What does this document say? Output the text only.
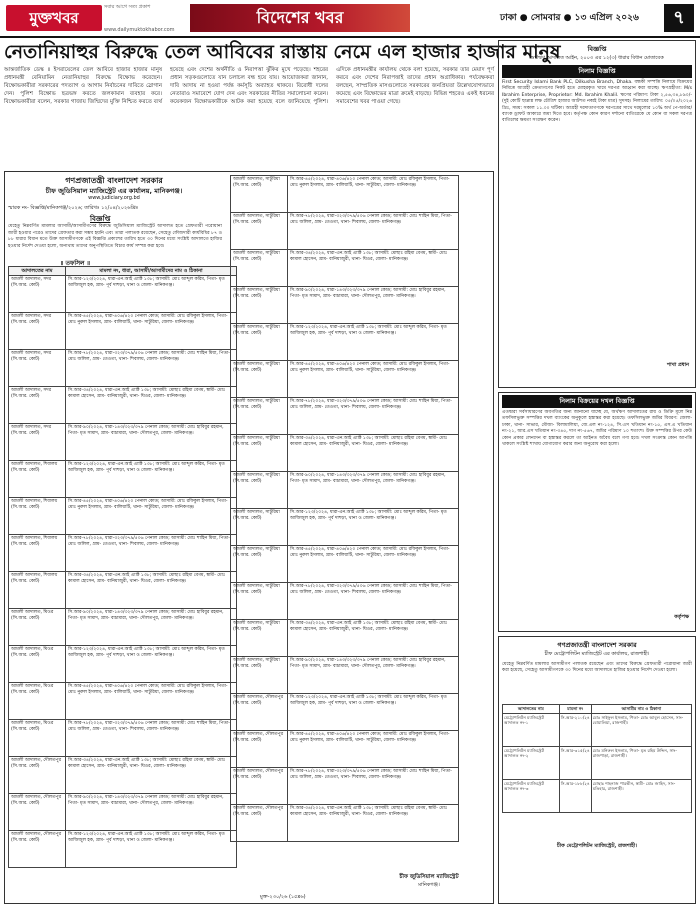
মুক্তখবর
সবার আগে সত্য প্রকাশ
www.dailymuktokhabor.com
বিদেশের খবর	ঢাকা ● সোমবার ● ১৩ এপ্রিল ২০২৬	৭
নেতানিয়াহুর বিরুদ্ধে তেল আবিবের রাস্তায় নেমে এল হাজার হাজার মানুষ
আন্তর্জাতিক ডেস্ক ॥ ইসরায়েলের তেল আবিবে হাজার হাজার মানুষ প্রধানমন্ত্রী বেনিয়ামিন নেতানিয়াহুর বিরুদ্ধে বিক্ষোভ করেছেন। বিক্ষোভকারীরা সরকারের পদত্যাগ ও আগাম নির্বাচনের দাবিতে স্লোগান দেন। পুলিশ বিক্ষোভ ছত্রভঙ্গ করতে জলকামান ব্যবহার করে। বিক্ষোভকারীরা বলেন, সরকার গাজায় জিম্মিদের মুক্তি নিশ্চিত করতে ব্যর্থ হয়েছে এবং দেশের অর্থনীতি ও নিরাপত্তা ঝুঁকির মুখে পড়েছে। শহরের প্রধান সড়কগুলোতে যান চলাচল বন্ধ হয়ে যায়। আয়োজকরা জানান, দাবি আদায় না হওয়া পর্যন্ত কর্মসূচি অব্যাহত থাকবে। বিরোধী দলের নেতারাও সমাবেশে যোগ দেন এবং সরকারের নীতির সমালোচনা করেন। কয়েকজন বিক্ষোভকারীকে আটক করা হয়েছে বলে জানিয়েছে পুলিশ। এদিকে প্রধানমন্ত্রীর কার্যালয় থেকে বলা হয়েছে, সরকার তার মেয়াদ পূর্ণ করবে এবং দেশের নিরাপত্তাই তাদের প্রধান অগ্রাধিকার। পর্যবেক্ষকরা বলছেন, সাম্প্রতিক মাসগুলোতে সরকারের জনপ্রিয়তা উল্লেখযোগ্যভাবে কমেছে এবং বিক্ষোভের মাত্রা ক্রমেই বাড়ছে। বিভিন্ন শহরেও একই ধরনের সমাবেশের খবর পাওয়া গেছে।
গণপ্রজাতন্ত্রী বাংলাদেশ সরকার
চীফ জুডিসিয়াল ম্যাজিস্ট্রেট এর কার্যালয়, মানিকগঞ্জ।
www.judiciary.org.bd
স্মারক নং- বিজ্ঞপ্তি/মানিকগঞ্জ/২০২৬; তারিখঃ ১২/০৪/২০২৬খ্রিঃ
বিজ্ঞপ্তি
যেহেতু নিম্নবর্ণিত মামলার আসামী/আসামীগণের বিরুদ্ধে জুডিসিয়াল ম্যাজিস্ট্রেট আদালত হতে গ্রেফতারী পরোয়ানা জারী হওয়ার পরেও তাদের গ্রেফতার করা সম্ভব হয়নি এবং তারা পলাতক রয়েছেন, সেহেতু ফৌজদারী কার্যবিধির ৮৭ ও ৮৮ ধারার বিধান মতে উক্ত আসামীগণকে এই বিজ্ঞপ্তি প্রকাশের তারিখ হতে ৩০ দিনের মধ্যে সংশ্লিষ্ট আদালতে হাজির হওয়ার নির্দেশ দেওয়া হলো, অন্যথায় তাদের অনুপস্থিতিতে বিচার কার্য সম্পন্ন করা হবে।
॥ তফসিল ॥
আদালতের নাম	মামলা নং, ধারা, আসামী/আসামীদের নাম ও ঠিকানা
আমলী আদালত, সদর (সি.আর. কোর্ট)	সি.আর-১২৩/২০২৪, ধারা-এন.আই এ্যাক্ট ১৩৮; আসামী: মোঃ আব্দুল করিম, পিতা- মৃত আজিজুল হক, গ্রাম- পূর্ব দাশড়া, থানা ও জেলা- মানিকগঞ্জ।

আমলী আদালত, সদর (সি.আর. কোর্ট)	সি.আর-৪৫/২০২৪, ধারা-৪০৬/৪২০ পেনাল কোড; আসামী: মোঃ রফিকুল ইসলাম, পিতা- মোঃ নুরুল ইসলাম, গ্রাম- বালিয়াটি, থানা- সাটুরিয়া, জেলা- মানিকগঞ্জ।

আমলী আদালত, সদর (সি.আর. কোর্ট)	সি.আর-৭৮/২০২৪, ধারা-৩২৩/৩৭৯/৫০৬ পেনাল কোড; আসামী: মোঃ শাহিন মিয়া, পিতা- মোঃ জলিল, গ্রাম- তেওতা, থানা- শিবালয়, জেলা- মানিকগঞ্জ।

আমলী আদালত, সদর (সি.আর. কোর্ট)	সি.আর-৩৪/২০২৪, ধারা-এন.আই এ্যাক্ট ১৩৮; আসামী: মোছাঃ রহিমা বেগম, স্বামী- মোঃ কামাল হোসেন, গ্রাম- বানিয়াজুরী, থানা- ঘিওর, জেলা- মানিকগঞ্জ।

আমলী আদালত, সদর (সি.আর. কোর্ট)	সি.আর-৯০/২০২৪, ধারা-১৪৩/৩২৩/৩৭৯ পেনাল কোড; আসামী: মোঃ হাবিবুর রহমান, পিতা- মৃত সামাদ, গ্রাম- বাচামারা, থানা- দৌলতপুর, জেলা- মানিকগঞ্জ।

আমলী আদালত, শিবালয় (সি.আর. কোর্ট)	সি.আর-১২৩/২০২৪, ধারা-এন.আই এ্যাক্ট ১৩৮; আসামী: মোঃ আব্দুল করিম, পিতা- মৃত আজিজুল হক, গ্রাম- পূর্ব দাশড়া, থানা ও জেলা- মানিকগঞ্জ।

আমলী আদালত, শিবালয় (সি.আর. কোর্ট)	সি.আর-৪৫/২০২৪, ধারা-৪০৬/৪২০ পেনাল কোড; আসামী: মোঃ রফিকুল ইসলাম, পিতা- মোঃ নুরুল ইসলাম, গ্রাম- বালিয়াটি, থানা- সাটুরিয়া, জেলা- মানিকগঞ্জ।

আমলী আদালত, শিবালয় (সি.আর. কোর্ট)	সি.আর-৭৮/২০২৪, ধারা-৩২৩/৩৭৯/৫০৬ পেনাল কোড; আসামী: মোঃ শাহিন মিয়া, পিতা- মোঃ জলিল, গ্রাম- তেওতা, থানা- শিবালয়, জেলা- মানিকগঞ্জ।

আমলী আদালত, শিবালয় (সি.আর. কোর্ট)	সি.আর-৩৪/২০২৪, ধারা-এন.আই এ্যাক্ট ১৩৮; আসামী: মোছাঃ রহিমা বেগম, স্বামী- মোঃ কামাল হোসেন, গ্রাম- বানিয়াজুরী, থানা- ঘিওর, জেলা- মানিকগঞ্জ।

আমলী আদালত, ঘিওর (সি.আর. কোর্ট)	সি.আর-৯০/২০২৪, ধারা-১৪৩/৩২৩/৩৭৯ পেনাল কোড; আসামী: মোঃ হাবিবুর রহমান, পিতা- মৃত সামাদ, গ্রাম- বাচামারা, থানা- দৌলতপুর, জেলা- মানিকগঞ্জ।

আমলী আদালত, ঘিওর (সি.আর. কোর্ট)	সি.আর-১২৩/২০২৪, ধারা-এন.আই এ্যাক্ট ১৩৮; আসামী: মোঃ আব্দুল করিম, পিতা- মৃত আজিজুল হক, গ্রাম- পূর্ব দাশড়া, থানা ও জেলা- মানিকগঞ্জ।

আমলী আদালত, ঘিওর (সি.আর. কোর্ট)	সি.আর-৪৫/২০২৪, ধারা-৪০৬/৪২০ পেনাল কোড; আসামী: মোঃ রফিকুল ইসলাম, পিতা- মোঃ নুরুল ইসলাম, গ্রাম- বালিয়াটি, থানা- সাটুরিয়া, জেলা- মানিকগঞ্জ।

আমলী আদালত, ঘিওর (সি.আর. কোর্ট)	সি.আর-৭৮/২০২৪, ধারা-৩২৩/৩৭৯/৫০৬ পেনাল কোড; আসামী: মোঃ শাহিন মিয়া, পিতা- মোঃ জলিল, গ্রাম- তেওতা, থানা- শিবালয়, জেলা- মানিকগঞ্জ।

আমলী আদালত, দৌলতপুর (সি.আর. কোর্ট)	সি.আর-৩৪/২০২৪, ধারা-এন.আই এ্যাক্ট ১৩৮; আসামী: মোছাঃ রহিমা বেগম, স্বামী- মোঃ কামাল হোসেন, গ্রাম- বানিয়াজুরী, থানা- ঘিওর, জেলা- মানিকগঞ্জ।

আমলী আদালত, দৌলতপুর (সি.আর. কোর্ট)	সি.আর-৯০/২০২৪, ধারা-১৪৩/৩২৩/৩৭৯ পেনাল কোড; আসামী: মোঃ হাবিবুর রহমান, পিতা- মৃত সামাদ, গ্রাম- বাচামারা, থানা- দৌলতপুর, জেলা- মানিকগঞ্জ।

আমলী আদালত, দৌলতপুর (সি.আর. কোর্ট)	সি.আর-১২৩/২০২৪, ধারা-এন.আই এ্যাক্ট ১৩৮; আসামী: মোঃ আব্দুল করিম, পিতা- মৃত আজিজুল হক, গ্রাম- পূর্ব দাশড়া, থানা ও জেলা- মানিকগঞ্জ।
আমলী আদালত, সাটুরিয়া (সি.আর. কোর্ট)	সি.আর-৪৫/২০২৪, ধারা-৪০৬/৪২০ পেনাল কোড; আসামী: মোঃ রফিকুল ইসলাম, পিতা- মোঃ নুরুল ইসলাম, গ্রাম- বালিয়াটি, থানা- সাটুরিয়া, জেলা- মানিকগঞ্জ।

আমলী আদালত, সাটুরিয়া (সি.আর. কোর্ট)	সি.আর-৭৮/২০২৪, ধারা-৩২৩/৩৭৯/৫০৬ পেনাল কোড; আসামী: মোঃ শাহিন মিয়া, পিতা- মোঃ জলিল, গ্রাম- তেওতা, থানা- শিবালয়, জেলা- মানিকগঞ্জ।

আমলী আদালত, সাটুরিয়া (সি.আর. কোর্ট)	সি.আর-৩৪/২০২৪, ধারা-এন.আই এ্যাক্ট ১৩৮; আসামী: মোছাঃ রহিমা বেগম, স্বামী- মোঃ কামাল হোসেন, গ্রাম- বানিয়াজুরী, থানা- ঘিওর, জেলা- মানিকগঞ্জ।

আমলী আদালত, সাটুরিয়া (সি.আর. কোর্ট)	সি.আর-৯০/২০২৪, ধারা-১৪৩/৩২৩/৩৭৯ পেনাল কোড; আসামী: মোঃ হাবিবুর রহমান, পিতা- মৃত সামাদ, গ্রাম- বাচামারা, থানা- দৌলতপুর, জেলা- মানিকগঞ্জ।

আমলী আদালত, সাটুরিয়া (সি.আর. কোর্ট)	সি.আর-১২৩/২০২৪, ধারা-এন.আই এ্যাক্ট ১৩৮; আসামী: মোঃ আব্দুল করিম, পিতা- মৃত আজিজুল হক, গ্রাম- পূর্ব দাশড়া, থানা ও জেলা- মানিকগঞ্জ।

আমলী আদালত, সাটুরিয়া (সি.আর. কোর্ট)	সি.আর-৪৫/২০২৪, ধারা-৪০৬/৪২০ পেনাল কোড; আসামী: মোঃ রফিকুল ইসলাম, পিতা- মোঃ নুরুল ইসলাম, গ্রাম- বালিয়াটি, থানা- সাটুরিয়া, জেলা- মানিকগঞ্জ।

আমলী আদালত, সাটুরিয়া (সি.আর. কোর্ট)	সি.আর-৭৮/২০২৪, ধারা-৩২৩/৩৭৯/৫০৬ পেনাল কোড; আসামী: মোঃ শাহিন মিয়া, পিতা- মোঃ জলিল, গ্রাম- তেওতা, থানা- শিবালয়, জেলা- মানিকগঞ্জ।

আমলী আদালত, সাটুরিয়া (সি.আর. কোর্ট)	সি.আর-৩৪/২০২৪, ধারা-এন.আই এ্যাক্ট ১৩৮; আসামী: মোছাঃ রহিমা বেগম, স্বামী- মোঃ কামাল হোসেন, গ্রাম- বানিয়াজুরী, থানা- ঘিওর, জেলা- মানিকগঞ্জ।

আমলী আদালত, সাটুরিয়া (সি.আর. কোর্ট)	সি.আর-৯০/২০২৪, ধারা-১৪৩/৩২৩/৩৭৯ পেনাল কোড; আসামী: মোঃ হাবিবুর রহমান, পিতা- মৃত সামাদ, গ্রাম- বাচামারা, থানা- দৌলতপুর, জেলা- মানিকগঞ্জ।

আমলী আদালত, সাটুরিয়া (সি.আর. কোর্ট)	সি.আর-১২৩/২০২৪, ধারা-এন.আই এ্যাক্ট ১৩৮; আসামী: মোঃ আব্দুল করিম, পিতা- মৃত আজিজুল হক, গ্রাম- পূর্ব দাশড়া, থানা ও জেলা- মানিকগঞ্জ।

আমলী আদালত, সাটুরিয়া (সি.আর. কোর্ট)	সি.আর-৪৫/২০২৪, ধারা-৪০৬/৪২০ পেনাল কোড; আসামী: মোঃ রফিকুল ইসলাম, পিতা- মোঃ নুরুল ইসলাম, গ্রাম- বালিয়াটি, থানা- সাটুরিয়া, জেলা- মানিকগঞ্জ।

আমলী আদালত, সাটুরিয়া (সি.আর. কোর্ট)	সি.আর-৭৮/২০২৪, ধারা-৩২৩/৩৭৯/৫০৬ পেনাল কোড; আসামী: মোঃ শাহিন মিয়া, পিতা- মোঃ জলিল, গ্রাম- তেওতা, থানা- শিবালয়, জেলা- মানিকগঞ্জ।

আমলী আদালত, সাটুরিয়া (সি.আর. কোর্ট)	সি.আর-৩৪/২০২৪, ধারা-এন.আই এ্যাক্ট ১৩৮; আসামী: মোছাঃ রহিমা বেগম, স্বামী- মোঃ কামাল হোসেন, গ্রাম- বানিয়াজুরী, থানা- ঘিওর, জেলা- মানিকগঞ্জ।

আমলী আদালত, সাটুরিয়া (সি.আর. কোর্ট)	সি.আর-৯০/২০২৪, ধারা-১৪৩/৩২৩/৩৭৯ পেনাল কোড; আসামী: মোঃ হাবিবুর রহমান, পিতা- মৃত সামাদ, গ্রাম- বাচামারা, থানা- দৌলতপুর, জেলা- মানিকগঞ্জ।

আমলী আদালত, দৌলতপুর (সি.আর. কোর্ট)	সি.আর-১২৩/২০২৪, ধারা-এন.আই এ্যাক্ট ১৩৮; আসামী: মোঃ আব্দুল করিম, পিতা- মৃত আজিজুল হক, গ্রাম- পূর্ব দাশড়া, থানা ও জেলা- মানিকগঞ্জ।

আমলী আদালত, দৌলতপুর (সি.আর. কোর্ট)	সি.আর-৪৫/২০২৪, ধারা-৪০৬/৪২০ পেনাল কোড; আসামী: মোঃ রফিকুল ইসলাম, পিতা- মোঃ নুরুল ইসলাম, গ্রাম- বালিয়াটি, থানা- সাটুরিয়া, জেলা- মানিকগঞ্জ।

আমলী আদালত, দৌলতপুর (সি.আর. কোর্ট)	সি.আর-৭৮/২০২৪, ধারা-৩২৩/৩৭৯/৫০৬ পেনাল কোড; আসামী: মোঃ শাহিন মিয়া, পিতা- মোঃ জলিল, গ্রাম- তেওতা, থানা- শিবালয়, জেলা- মানিকগঞ্জ।

আমলী আদালত, দৌলতপুর (সি.আর. কোর্ট)	সি.আর-৩৪/২০২৪, ধারা-এন.আই এ্যাক্ট ১৩৮; আসামী: মোছাঃ রহিমা বেগম, স্বামী- মোঃ কামাল হোসেন, গ্রাম- বানিয়াজুরী, থানা- ঘিওর, জেলা- মানিকগঞ্জ।
চীফ জুডিসিয়াল ম্যাজিস্ট্রেট
মানিকগঞ্জ।
মুক্ত-২৩০/২৬ (১৫x৬)
বিজ্ঞপ্তি
অর্থঋণ আদালত আইন, ২০০৩ এর ১২(৩) ধারার বিধান মোতাবেক
নিলাম বিজ্ঞপ্তি
First Security Islami Bank PLC, Dilkusha Branch, Dhaka. বন্ধকী সম্পত্তি নিলামে বিক্রয়ের নিমিত্তে আগ্রহী ক্রেতাগণের নিকট হতে মোহরকৃত খামে দরপত্র আহ্বান করা যাচ্ছে। ঋণগ্রহীতা: M/s Ibrahim Enterprise, Proprietor: Md. Ibrahim Khalil. ঋণের পরিমাণ: টাকা ২,৫৬,৩৪,৮৯০/- (দুই কোটি ছাপ্পান্ন লক্ষ চৌত্রিশ হাজার আটশত নব্বই টাকা মাত্র) সুদসহ। নিলামের তারিখ: ০৫/০৫/২০২৬ খ্রিঃ, সময়: সকাল ১১.০০ ঘটিকা। আগ্রহী দরদাতাগণকে দরপত্রের সাথে দরমূল্যের ১০% অর্থ পে-অর্ডার/ব্যাংক ড্রাফট আকারে জমা দিতে হবে। কর্তৃপক্ষ কোন কারণ দর্শানো ব্যতিরেকে যে কোন বা সকল দরপত্র বাতিলের ক্ষমতা সংরক্ষণ করেন।
শাখা প্রধান
নিলাম বিক্রয়ের দখল বিজ্ঞপ্তি
এতদ্বারা সর্বসাধারণের অবগতির জন্য জানানো যাচ্ছে যে, অর্থঋণ আদালতের রায় ও ডিক্রি মূলে নিম্ন তফসিলভুক্ত সম্পত্তির দখল ব্যাংকের অনুকূলে হস্তান্তর করা হয়েছে। তফসিলভুক্ত জমির বিবরণ: জেলা- ঢাকা, থানা- সাভার, মৌজা- বিলামালিয়া, জে.এল নং-১২৪, সি.এস খতিয়ান নং-১৫, এস.এ খতিয়ান নং-২১, আর.এস খতিয়ান নং-৩৪৫, দাগ নং-৫৬৭, জমির পরিমাণ ১০ শতাংশ। উক্ত সম্পত্তির উপর কেউ কোন প্রকার লেনদেন বা হস্তান্তর করলে তা আইনত অবৈধ বলে গণ্য হবে। দখল সংক্রান্ত কোন আপত্তি থাকলে সংশ্লিষ্ট শাখায় যোগাযোগ করার জন্য অনুরোধ করা হলো।
কর্তৃপক্ষ
গণপ্রজাতন্ত্রী বাংলাদেশ সরকার
চীফ মেট্রোপলিটন ম্যাজিস্ট্রেট এর কার্যালয়, রাজশাহী।
যেহেতু নিম্নবর্ণিত মামলার আসামীগণ পলাতক রয়েছেন এবং তাদের বিরুদ্ধে গ্রেফতারী পরোয়ানা জারী করা হয়েছে, সেহেতু আসামীগণকে ৩০ দিনের মধ্যে আদালতে হাজির হওয়ার নির্দেশ দেওয়া হলো।
আদালতের নাম	মামলা নং	আসামীর নাম ও ঠিকানা
মেট্রোপলিটন ম্যাজিস্ট্রেট আদালত নং-১	সি.আর-২১০/২৪	মোঃ সাইফুল ইসলাম, পিতা- মোঃ আবুল হোসেন, সাং- বোয়ালিয়া, রাজশাহী।
মেট্রোপলিটন ম্যাজিস্ট্রেট আদালত নং-২	সি.আর-৩১৫/২৪	মোঃ মনিরুল ইসলাম, পিতা- মৃত রহিম উদ্দিন, সাং- রাজপাড়া, রাজশাহী।
মেট্রোপলিটন ম্যাজিস্ট্রেট আদালত নং-৩	সি.আর-১৮৮/২৪	মোছাঃ শাহনাজ পারভীন, স্বামী- মোঃ জাহিদ, সাং- মতিহার, রাজশাহী।
চীফ মেট্রোপলিটন ম্যাজিস্ট্রেট, রাজশাহী।
